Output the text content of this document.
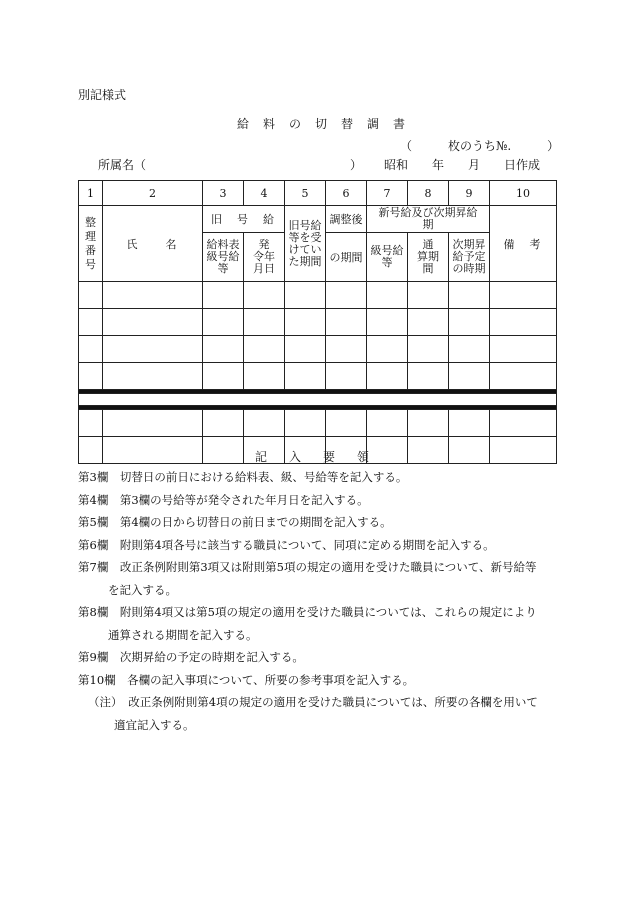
別記様式
給料の切替調書
（　　　枚のうち№.　　　）
所属名（　　　　　　　　　　　　　　　　　） 昭和 年 月 日作成
1	2	3	4	5	6	7	8	9	10
整理番号	氏　　名	旧　号　給		旧号給等を受けていた期間	調整後	新号給及び次期昇給　　　期			備　考
		給料表級号給等	発　令年月日		の期間	級号給等	通　算期　間	次期昇給予定の時期	

記入要領
第3欄　切替日の前日における給料表、級、号給等を記入する。
第4欄　第3欄の号給等が発令された年月日を記入する。
第5欄　第4欄の日から切替日の前日までの期間を記入する。
第6欄　附則第4項各号に該当する職員について、同項に定める期間を記入する。
第7欄　改正条例附則第3項又は附則第5項の規定の適用を受けた職員について、新号給等
を記入する。
第8欄　附則第4項又は第5項の規定の適用を受けた職員については、これらの規定により
通算される期間を記入する。
第9欄　次期昇給の予定の時期を記入する。
第10欄　各欄の記入事項について、所要の参考事項を記入する。
（注）　改正条例附則第4項の規定の適用を受けた職員については、所要の各欄を用いて
適宜記入する。
